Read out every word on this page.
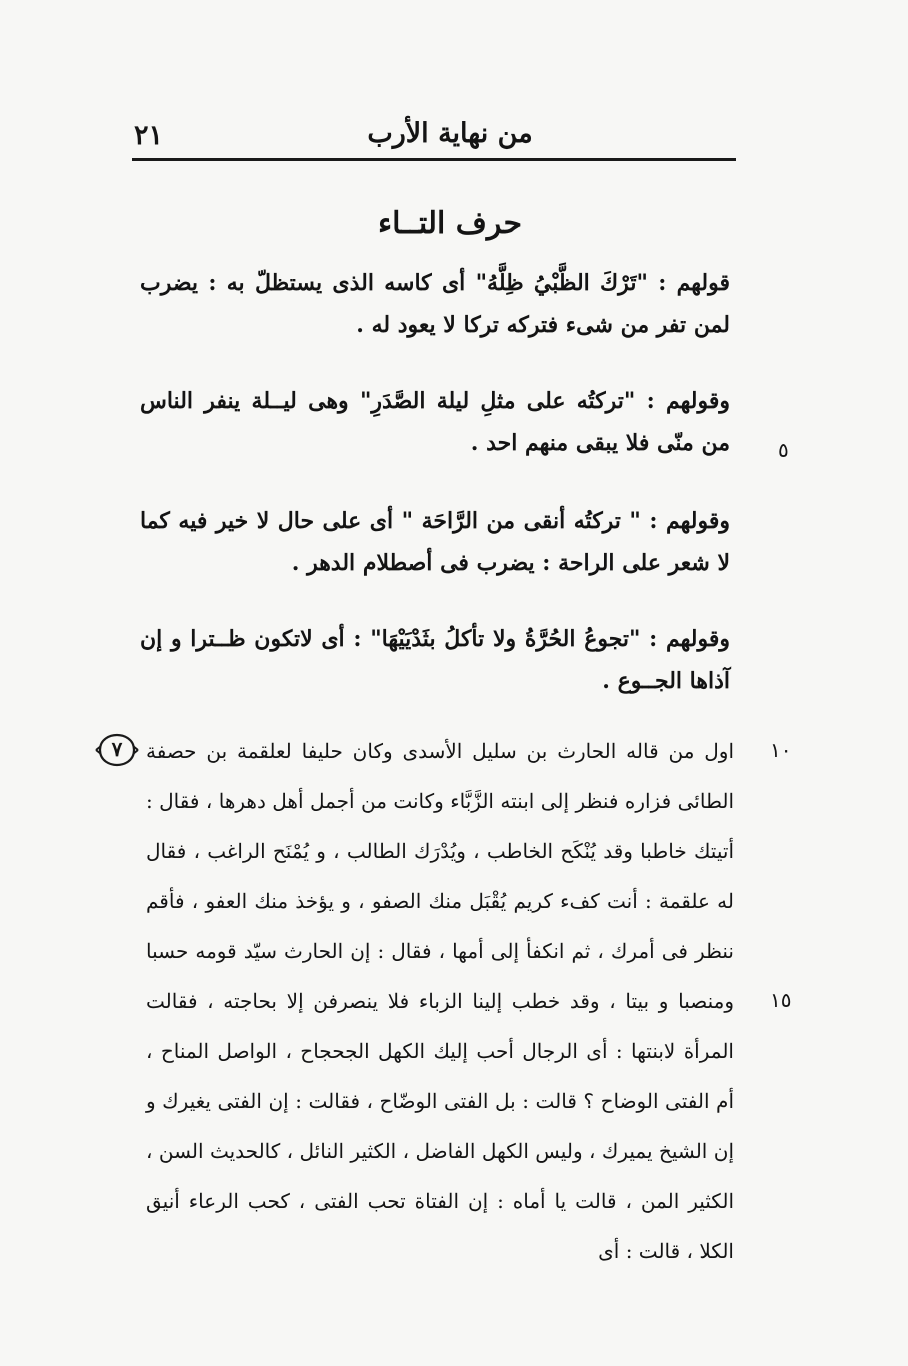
من نهاية الأرب
٢١
حرف التــاء
قولهم : "تَرْكَ الظَّبْيُ ظِلَّهُ" أى كاسه الذى يستظلّ به : يضرب لمن تفر من شىء فتركه تركا لا يعود له .
وقولهم : "تركتُه على مثلِ ليلة الصَّدَرِ" وهى ليــلة ينفر الناس من منّى فلا يبقى منهم احد . ٥
وقولهم : " تركتُه أنقى من الرَّاحَة " أى على حال لا خير فيه كما لا شعر على الراحة : يضرب فى أصطلام الدهر .
وقولهم : "تجوعُ الحُرَّةُ ولا تأكلُ بثَدْيَيْهَا" : أى لاتكون ظــترا و إن آذاها الجــوع .
٧	١٠
اول من قاله الحارث بن سليل الأسدى وكان حليفا لعلقمة بن حصفة الطائى فزاره فنظر إلى ابنته الزَّبَّاء وكانت من أجمل أهل دهرها ، فقال : أتيتك خاطبا وقد يُنْكَح الخاطب ، ويُدْرَك الطالب ، و يُمْنَح الراغب ، فقال له علقمة : أنت كفء كريم يُقْبَل منك الصفو ، و يؤخذ منك العفو ، فأقم ننظر فى أمرك ، ثم انكفأ إلى أمها ، فقال : إن الحارث سيّد قومه حسبا ومنصبا و بيتا ، وقد خطب إلينا الزباء فلا ينصرفن إلا بحاجته ، فقالت المرأة لابنتها : أى الرجال أحب إليك الكهل الجحجاح ، الواصل المناح ، أم الفتى الوضاح ؟ قالت : بل الفتى الوضّاح ، فقالت : إن الفتى يغيرك و إن الشيخ يميرك ، وليس الكهل الفاضل ، الكثير النائل ، كالحديث السن ، الكثير المن ، قالت يا أماه : إن الفتاة تحب الفتى ، كحب الرعاء أنيق الكلا ، قالت : أى
١٥
